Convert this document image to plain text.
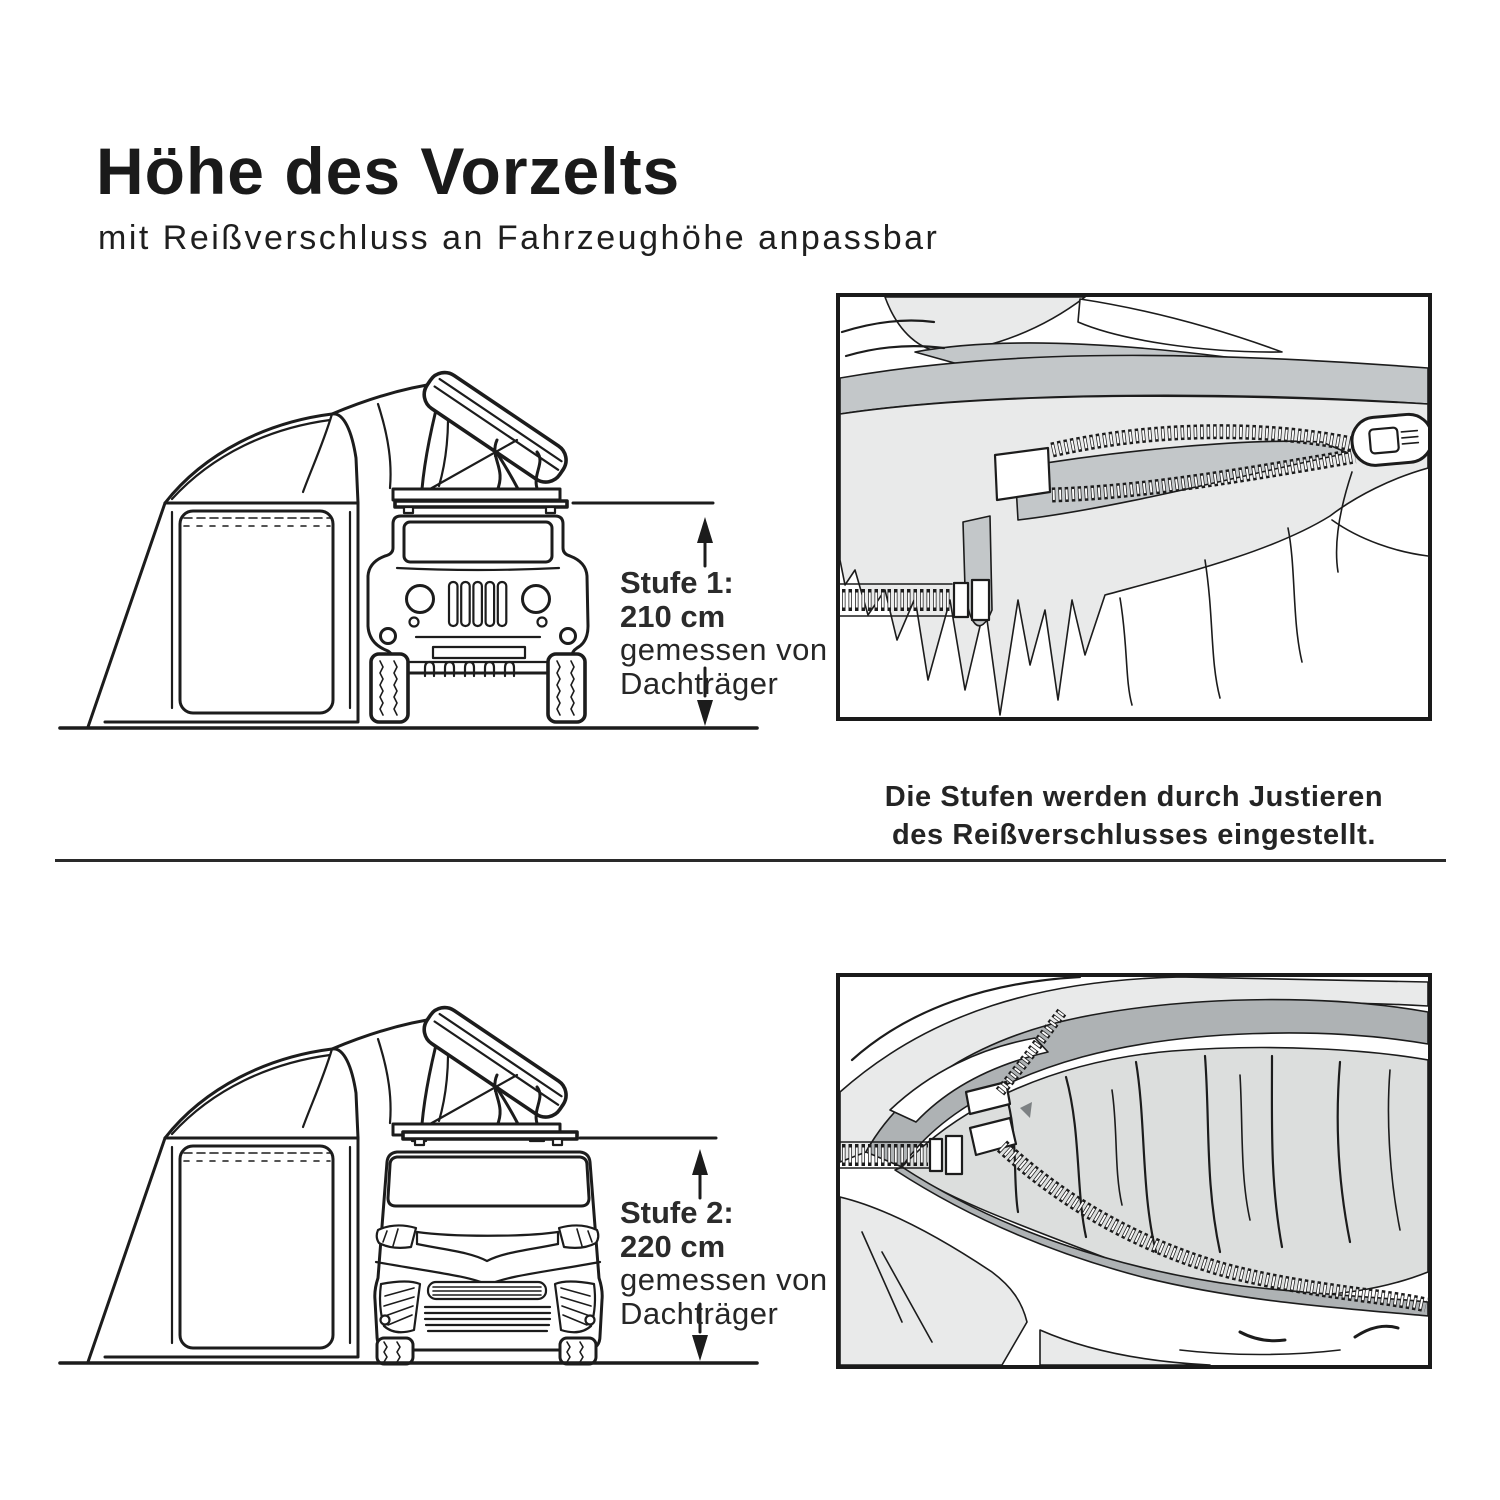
Höhe des Vorzelts

mit Reißverschluss an Fahrzeughöhe anpassbar

Stufe 1:
210 cm
gemessen von
Dachträger
Die Stufen werden durch Justieren
des Reißverschlusses eingestellt.
Stufe 2:
220 cm
gemessen von
Dachträger
